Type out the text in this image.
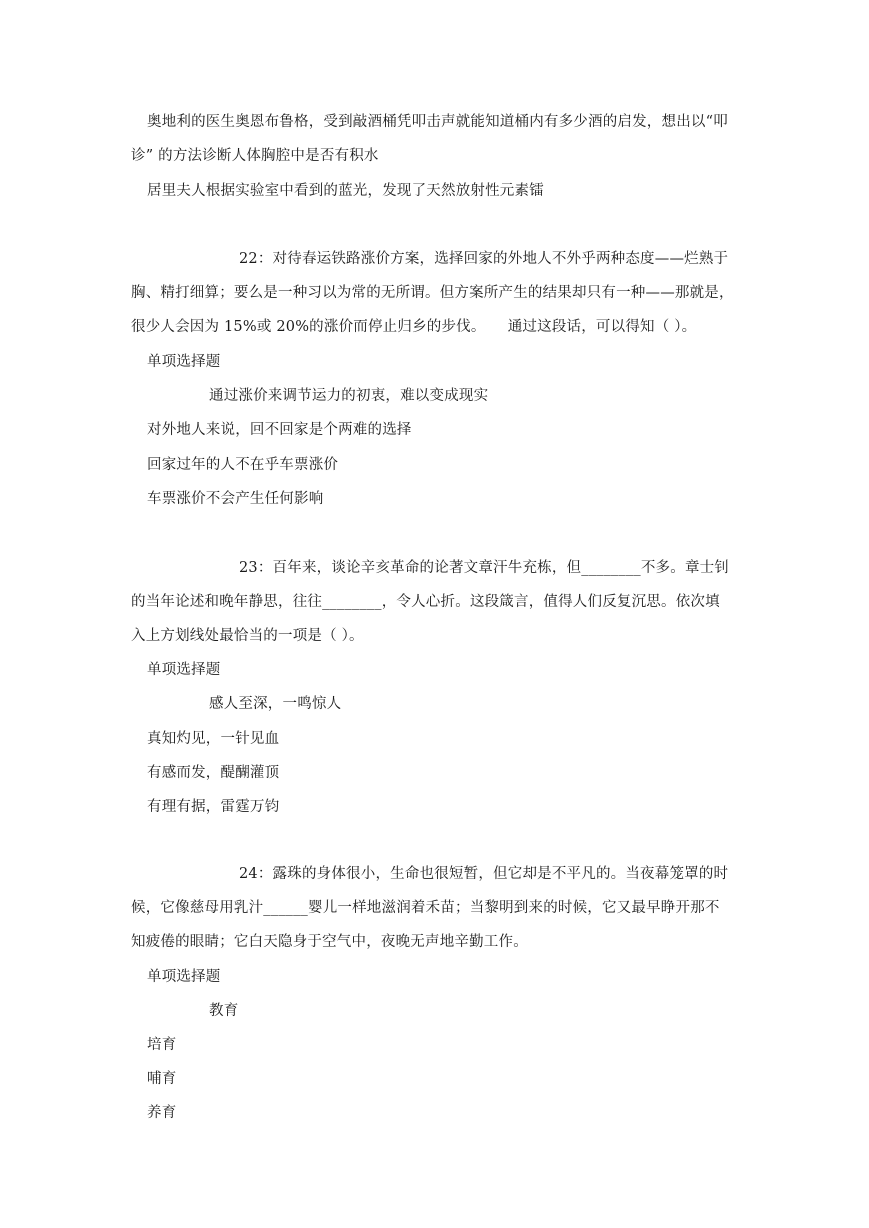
奥地利的医生奥恩布鲁格，受到敲酒桶凭叩击声就能知道桶内有多少酒的启发，想出以“叩
诊” 的方法诊断人体胸腔中是否有积水
居里夫人根据实验室中看到的蓝光，发现了天然放射性元素镭
22：对待春运铁路涨价方案，选择回家的外地人不外乎两种态度——烂熟于
胸、精打细算；要么是一种习以为常的无所谓。但方案所产生的结果却只有一种——那就是，
很少人会因为 15%或 20%的涨价而停止归乡的步伐。　　通过这段话，可以得知（ ）。
单项选择题
通过涨价来调节运力的初衷，难以变成现实
对外地人来说，回不回家是个两难的选择
回家过年的人不在乎车票涨价
车票涨价不会产生任何影响
23：百年来，谈论辛亥革命的论著文章汗牛充栋，但________不多。章士钊
的当年论述和晚年静思，往往________，令人心折。这段箴言，值得人们反复沉思。依次填
入上方划线处最恰当的一项是（ ）。
单项选择题
感人至深，一鸣惊人
真知灼见，一针见血
有感而发，醍醐灌顶
有理有据，雷霆万钧
24：露珠的身体很小，生命也很短暂，但它却是不平凡的。当夜幕笼罩的时
候，它像慈母用乳汁______婴儿一样地滋润着禾苗；当黎明到来的时候，它又最早睁开那不
知疲倦的眼睛；它白天隐身于空气中，夜晚无声地辛勤工作。
单项选择题
教育
培育
哺育
养育
